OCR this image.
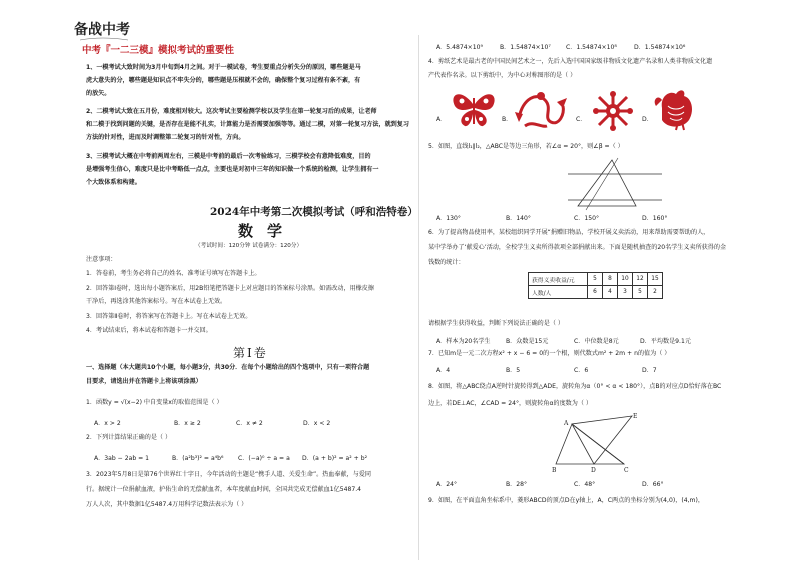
备战中考
中考『一二三模』模拟考试的重要性
1、一模考试大致时间为3月中旬到4月之间。对于一模试卷，考生要重点分析失分的原因，哪些题是马
虎大意失的分，哪些题是知识点不牢失分的，哪些题是压根就不会的，确保整个复习过程有条不紊，有
的放矢。
2、二模考试大致在五月份，难度相对较大。这次考试主要检测学校以及学生在第一轮复习后的成果，让老师
和二模于找到问题的关键，是否存在是能不扎实，计算能力是否需要加强等等。通过二模，对第一轮复习方法，就到复习
方法的针对性，进而及时调整第二轮复习的针对性，方向。
3、三模考试大概在中考前两周左右，三模是中考前的最后一次考验练习，三模学校会有意降低难度，目的
是增强考生信心，难度只是比中考略低一点点，主要也是对初中三年的知识做一个系统的检测，让学生拥有一
个大致体系和构建。
2024年中考第二次模拟考试（呼和浩特卷）
数学
（考试时间：120分钟 试卷满分：120分）
注意事项：
1．答卷前，考生务必将自己的姓名、准考证号填写在答题卡上。
2．回答第Ⅰ卷时，选出每小题答案后，用2B铅笔把答题卡上对应题目的答案标号涂黑。如需改动，用橡皮擦
干净后，再选涂其他答案标号。写在本试卷上无效。
3．回答第Ⅱ卷时，将答案写在答题卡上。写在本试卷上无效。
4．考试结束后，将本试卷和答题卡一并交回。
第Ⅰ卷
一、选择题（本大题共10个小题，每小题3分，共30分．在每个小题给出的四个选项中，只有一项符合题
目要求，请选出并在答题卡上将该项涂黑）
1．函数y = √(x−2) 中自变量x的取值范围是（ ）
A．x > 2	B．x ≥ 2	C．x ≠ 2	D．x < 2
2．下列计算结果正确的是（ ）
A．3ab − 2ab = 1	B．(a²b³)² = a⁴b⁶ C．(−a)⁰ ÷ a = a D．(a + b)² = a² + b²
3．2023年5月8日是第76个世界红十字日，今年活动的主题是“携手人道、关爱生命”。热血奉献，与爱同
行。据统计一位捐献血液，护佑生命的无偿献血者，本年度献血时间，全国共完成无偿献血1亿5487.4
万人人次，其中数据1亿5487.4万用科学记数法表示为（ ）
A．5.4874×10⁹	B．1.54874×10⁷ C．1.54874×10⁸	D．1.54874×10⁶
4．剪纸艺术是最古老的中国民间艺术之一，先后入选中国国家级非物质文化遗产名录和人类非物质文化遗
产代表作名录。以下剪纸中，为中心对称图形的是（ ）
A．	B．	C．	D．
5．如图，直线l₁∥l₂，△ABC是等边三角形，若∠α = 20°，则∠β =（ ）
A．130°	B．140°	C．150°	D．160°
6．为了提高物品使用率，某校组织同学开展“捐赠旧物品，学校开展义卖活动，用来帮助需要帮助的人，
某中学举办了‘献爱心’活动，全校学生义卖所得款项全部捐献出来。下面是随机抽查的20名学生义卖所获得的金
钱数的统计：
获得义卖收益/元	5	8	10	12	15
人数/人	6	4	3	5	2
请根据学生获得收益，判断下列说法正确的是（ ）
A．样本为20名学生	B．众数是15元	C．中位数是8元	D．平均数是9.1元
7．已知m是一元二次方程x² + x − 6 = 0的一个根，则代数式m² + 2m + n的值为（ ）
A．4	B．5	C．6	D．7
8．如图，将△ABC绕点A逆时针旋转得到△ADE，旋转角为α（0° < α < 180°），点B的对应点D恰好落在BC
边上，若DE⊥AC，∠CAD = 24°，则旋转角α的度数为（ ）
A
B	C
D
E
A．24°	B．28°	C．48°	D．66°
9．如图，在平面直角坐标系中，菱形ABCD的顶点D在y轴上，A，C两点的坐标分别为(4,0)，(4,m)，
